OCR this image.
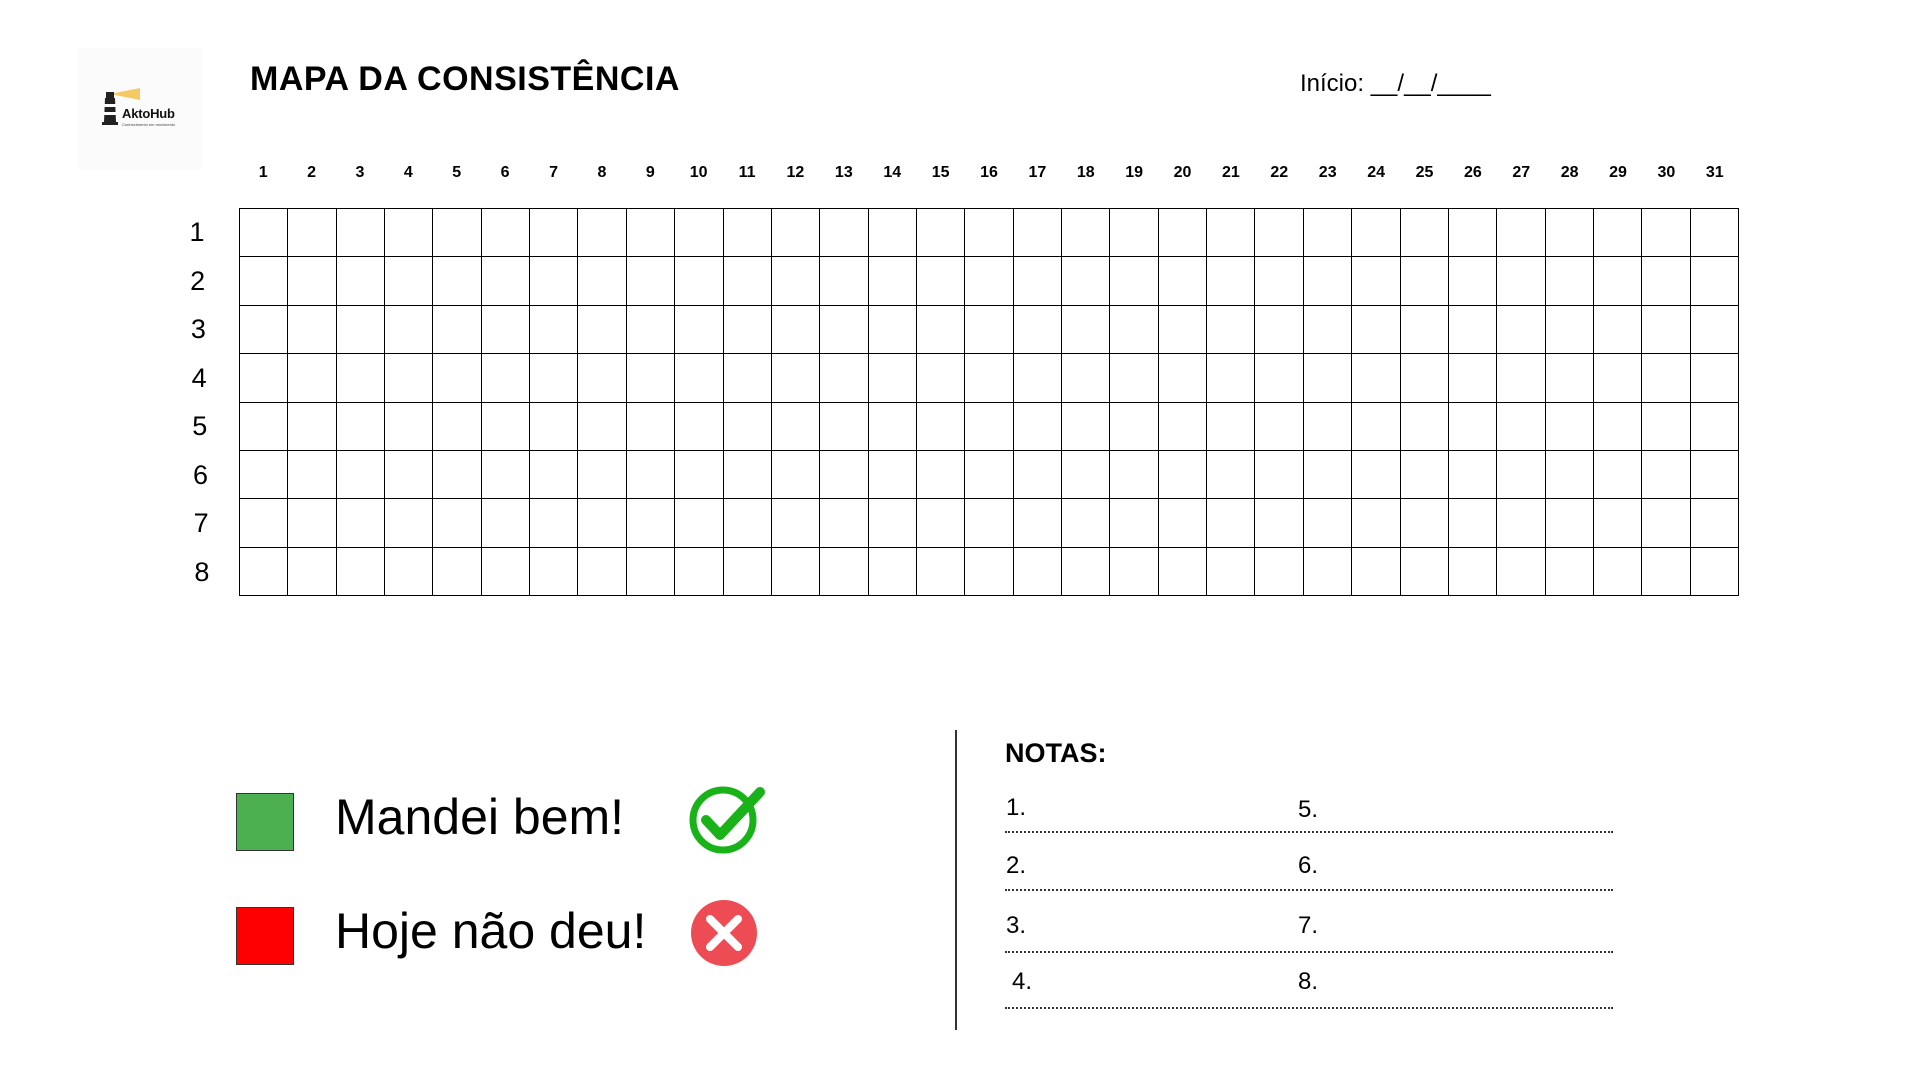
AktoHub
Conhecimento em movimento
MAPA DA CONSISTÊNCIA	Início: __/__/____
1	2	3	4	5	6	7	8	9	10	11	12	13	14	15	16	17	18	19	20	21	22	23	24	25	26	27	28	29	30	31
1
2
3
4
5
6
7
8
Mandei bem!
Hoje não deu!
NOTAS:
1.	5.
2.	6.
3.	7.
4.	8.
